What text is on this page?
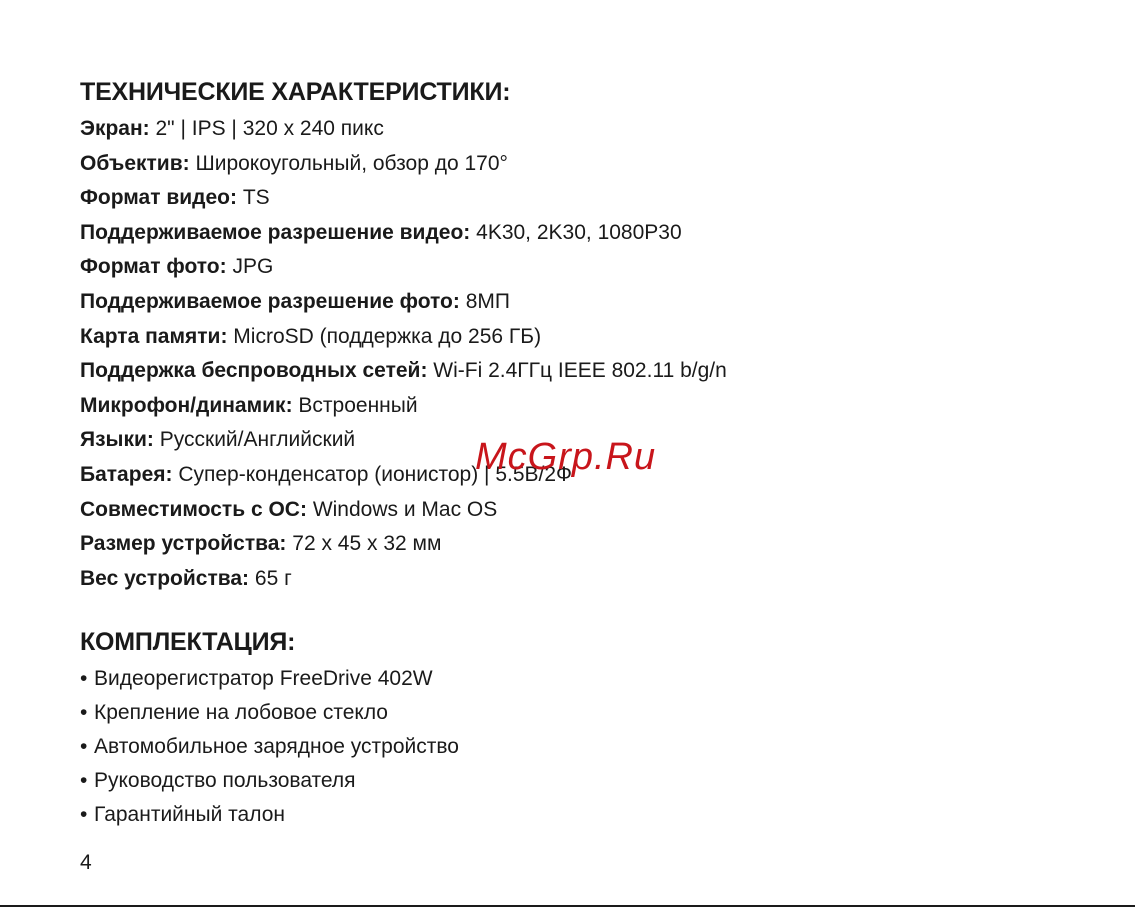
ТЕХНИЧЕСКИЕ ХАРАКТЕРИСТИКИ:
Экран: 2" | IPS | 320 x 240 пикс
Объектив: Широкоугольный, обзор до 170°
Формат видео: TS
Поддерживаемое разрешение видео: 4K30, 2K30, 1080P30
Формат фото: JPG
Поддерживаемое разрешение фото: 8МП
Карта памяти: MicroSD (поддержка до 256 ГБ)
Поддержка беспроводных сетей: Wi-Fi 2.4ГГц IEEE 802.11 b/g/n
Микрофон/динамик: Встроенный
Языки: Русский/Английский
Батарея: Супер-конденсатор (ионистор) | 5.5В/2Ф
Совместимость с ОС: Windows и Mac OS
Размер устройства: 72 x 45 x 32 мм
Вес устройства: 65 г
КОМПЛЕКТАЦИЯ:
• Видеорегистратор FreeDrive 402W
• Крепление на лобовое стекло
• Автомобильное зарядное устройство
• Руководство пользователя
• Гарантийный талон
McGrp.Ru
4
